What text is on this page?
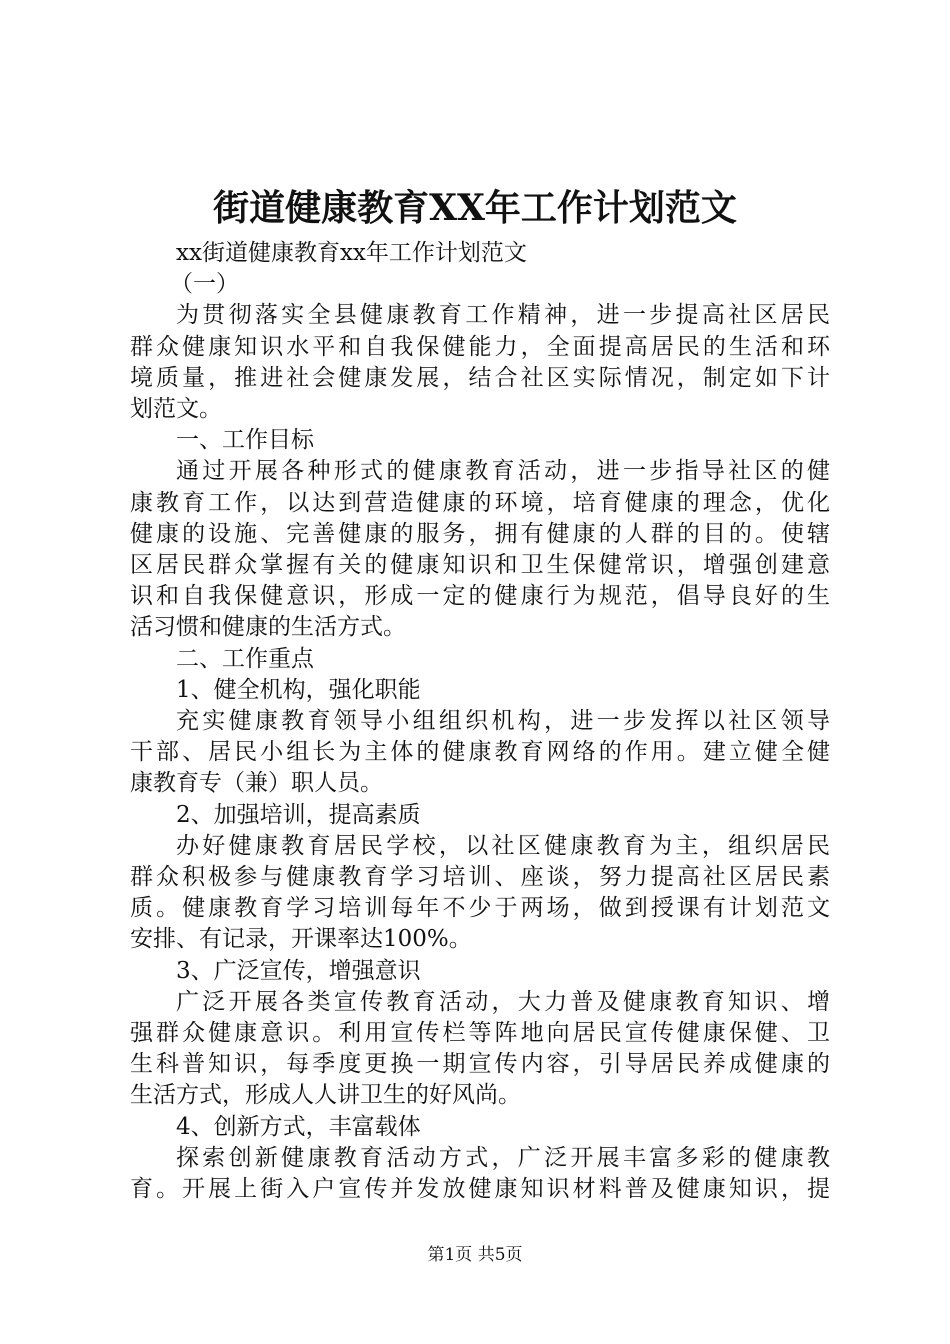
街道健康教育XX年工作计划范文
xx街道健康教育xx年工作计划范文
（一）
为贯彻落实全县健康教育工作精神，进一步提高社区居民
群众健康知识水平和自我保健能力，全面提高居民的生活和环
境质量，推进社会健康发展，结合社区实际情况，制定如下计
划范文。
一、工作目标
通过开展各种形式的健康教育活动，进一步指导社区的健
康教育工作，以达到营造健康的环境，培育健康的理念，优化
健康的设施、完善健康的服务，拥有健康的人群的目的。使辖
区居民群众掌握有关的健康知识和卫生保健常识，增强创建意
识和自我保健意识，形成一定的健康行为规范，倡导良好的生
活习惯和健康的生活方式。
二、工作重点
1、健全机构，强化职能
充实健康教育领导小组组织机构，进一步发挥以社区领导
干部、居民小组长为主体的健康教育网络的作用。建立健全健
康教育专（兼）职人员。
2、加强培训，提高素质
办好健康教育居民学校，以社区健康教育为主，组织居民
群众积极参与健康教育学习培训、座谈，努力提高社区居民素
质。健康教育学习培训每年不少于两场，做到授课有计划范文
安排、有记录，开课率达100%。
3、广泛宣传，增强意识
广泛开展各类宣传教育活动，大力普及健康教育知识、增
强群众健康意识。利用宣传栏等阵地向居民宣传健康保健、卫
生科普知识，每季度更换一期宣传内容，引导居民养成健康的
生活方式，形成人人讲卫生的好风尚。
4、创新方式，丰富载体
探索创新健康教育活动方式，广泛开展丰富多彩的健康教
育。开展上街入户宣传并发放健康知识材料普及健康知识，提
第1页 共5页
